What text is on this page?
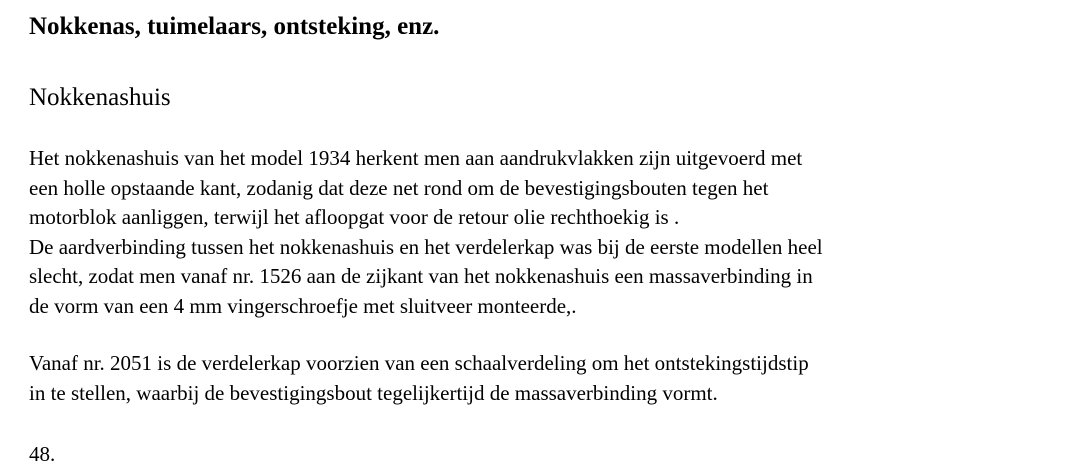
Nokkenas, tuimelaars, ontsteking, enz.
Nokkenashuis

Het nokkenashuis van het model 1934 herkent men aan aandrukvlakken zijn uitgevoerd met
een holle opstaande kant, zodanig dat deze net rond om de bevestigingsbouten tegen het
motorblok aanliggen, terwijl het afloopgat voor de retour olie rechthoekig is .
De aardverbinding tussen het nokkenashuis en het verdelerkap was bij de eerste modellen heel
slecht, zodat men vanaf nr. 1526 aan de zijkant van het nokkenashuis een massaverbinding in
de vorm van een 4 mm vingerschroefje met sluitveer monteerde,.

Vanaf nr. 2051 is de verdelerkap voorzien van een schaalverdeling om het ontstekingstijdstip
in te stellen, waarbij de bevestigingsbout tegelijkertijd de massaverbinding vormt.

48.
